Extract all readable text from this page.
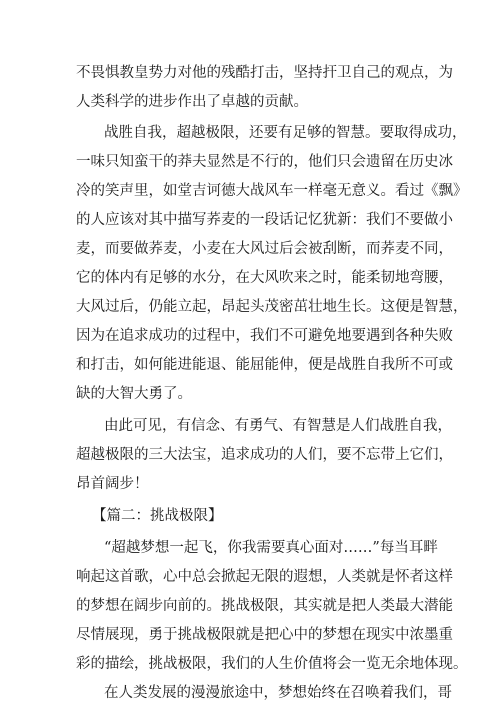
不畏惧教皇势力对他的残酷打击，坚持扞卫自己的观点，为
人类科学的进步作出了卓越的贡献。
战胜自我，超越极限，还要有足够的智慧。要取得成功，
一味只知蛮干的莽夫显然是不行的，他们只会遗留在历史冰
冷的笑声里，如堂吉诃德大战风车一样毫无意义。看过《飘》
的人应该对其中描写荞麦的一段话记忆犹新：我们不要做小
麦，而要做荞麦，小麦在大风过后会被刮断，而荞麦不同，
它的体内有足够的水分，在大风吹来之时，能柔韧地弯腰，
大风过后，仍能立起，昂起头茂密茁壮地生长。这便是智慧，
因为在追求成功的过程中，我们不可避免地要遇到各种失败
和打击，如何能进能退、能屈能伸，便是战胜自我所不可或
缺的大智大勇了。
由此可见，有信念、有勇气、有智慧是人们战胜自我，
超越极限的三大法宝，追求成功的人们，要不忘带上它们，
昂首阔步！
【篇二：挑战极限】
“超越梦想一起飞，你我需要真心面对……”每当耳畔
响起这首歌，心中总会掀起无限的遐想，人类就是怀者这样
的梦想在阔步向前的。挑战极限，其实就是把人类最大潜能
尽情展现，勇于挑战极限就是把心中的梦想在现实中浓墨重
彩的描绘，挑战极限，我们的人生价值将会一览无余地体现。
在人类发展的漫漫旅途中，梦想始终在召唤着我们，哥
